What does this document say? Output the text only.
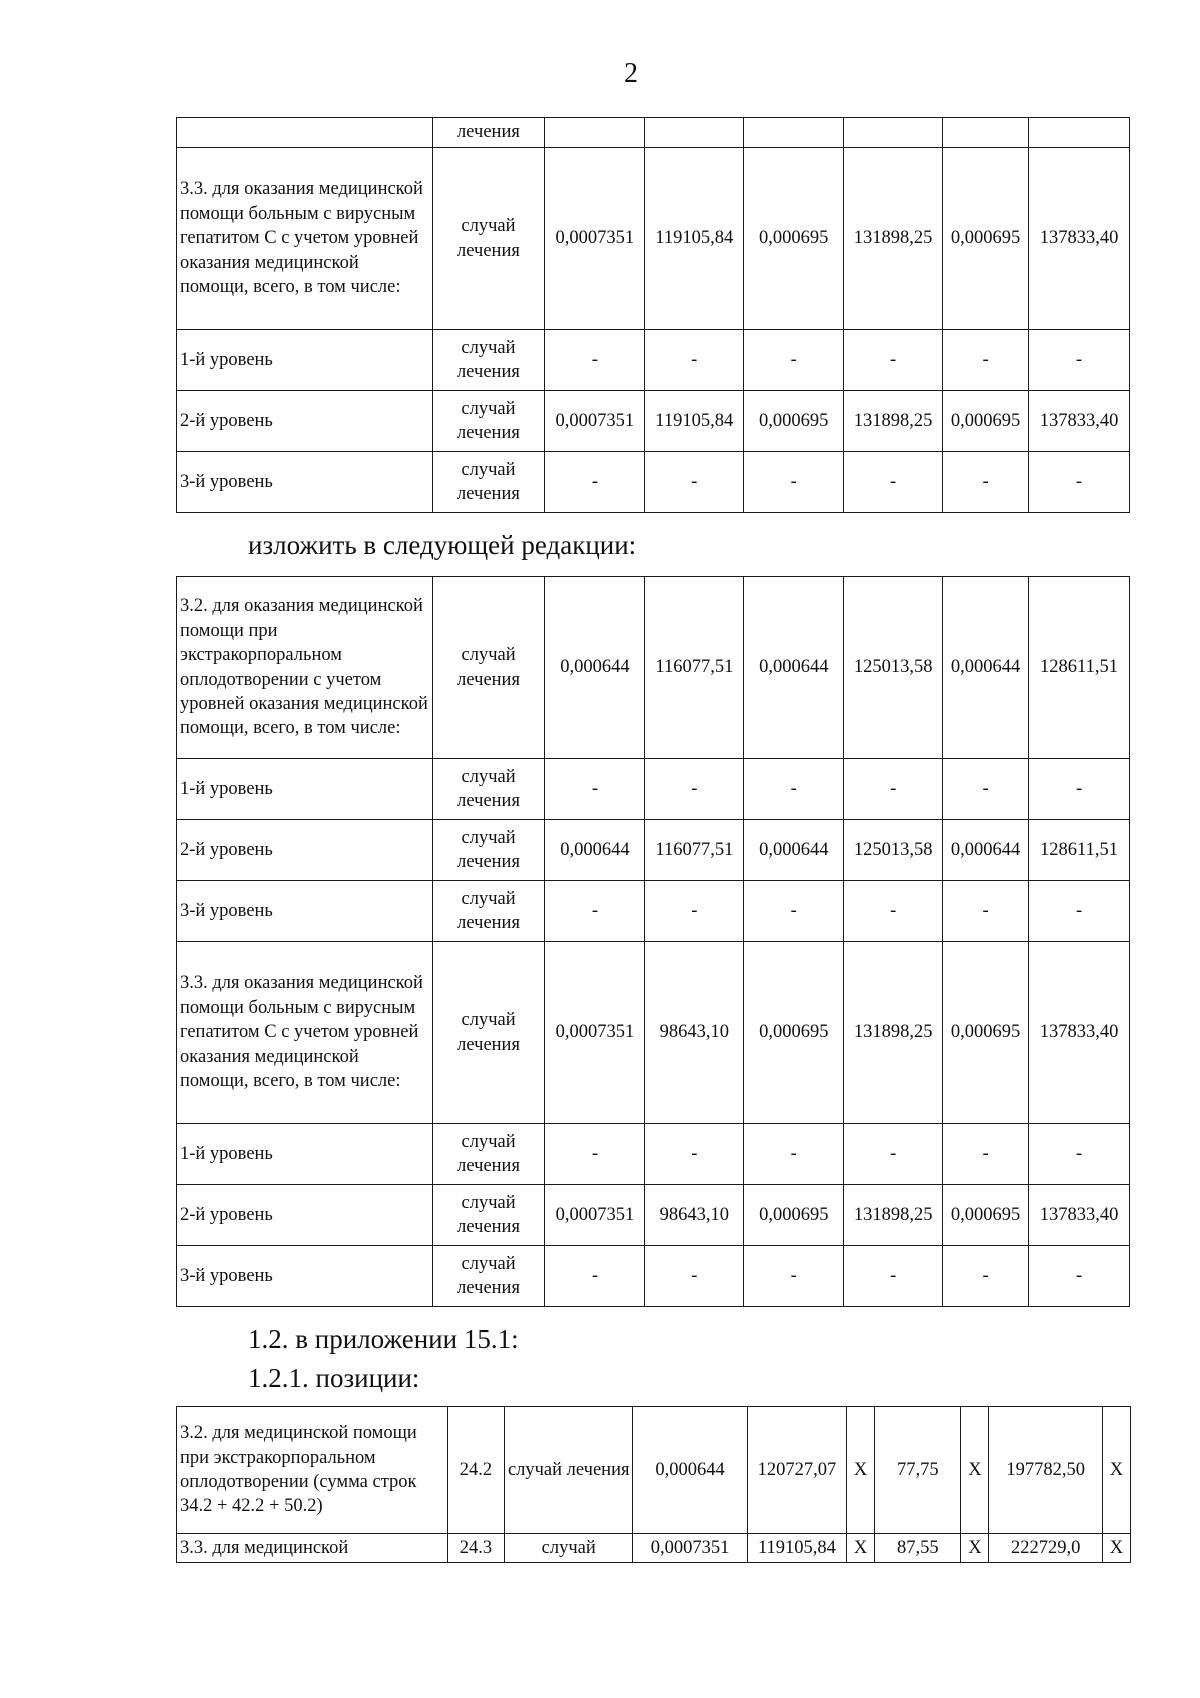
2
	лечения						
3.3. для оказания медицинской помощи больным с вирусным гепатитом С с учетом уровней оказания медицинской помощи, всего, в том числе:	случай лечения	0,0007351	119105,84	0,000695	131898,25	0,000695	137833,40
1-й уровень	случай лечения	-	-	-	-	-	-
2-й уровень	случай лечения	0,0007351	119105,84	0,000695	131898,25	0,000695	137833,40
3-й уровень	случай лечения	-	-	-	-	-	-
изложить в следующей редакции:
3.2. для оказания медицинской помощи при экстракорпоральном оплодотворении с учетом уровней оказания медицинской помощи, всего, в том числе:	случай лечения	0,000644	116077,51	0,000644	125013,58	0,000644	128611,51
1-й уровень	случай лечения	-	-	-	-	-	-
2-й уровень	случай лечения	0,000644	116077,51	0,000644	125013,58	0,000644	128611,51
3-й уровень	случай лечения	-	-	-	-	-	-
3.3. для оказания медицинской помощи больным с вирусным гепатитом С с учетом уровней оказания медицинской помощи, всего, в том числе:	случай лечения	0,0007351	98643,10	0,000695	131898,25	0,000695	137833,40
1-й уровень	случай лечения	-	-	-	-	-	-
2-й уровень	случай лечения	0,0007351	98643,10	0,000695	131898,25	0,000695	137833,40
3-й уровень	случай лечения	-	-	-	-	-	-
1.2. в приложении 15.1:
1.2.1. позиции:
3.2. для медицинской помощи при экстракорпоральном оплодотворении (сумма строк 34.2 + 42.2 + 50.2)	24.2	случай лечения	0,000644	120727,07	Х	77,75	Х	197782,50	Х
3.3. для медицинской	24.3	случай	0,0007351	119105,84	Х	87,55	Х	222729,0	Х
